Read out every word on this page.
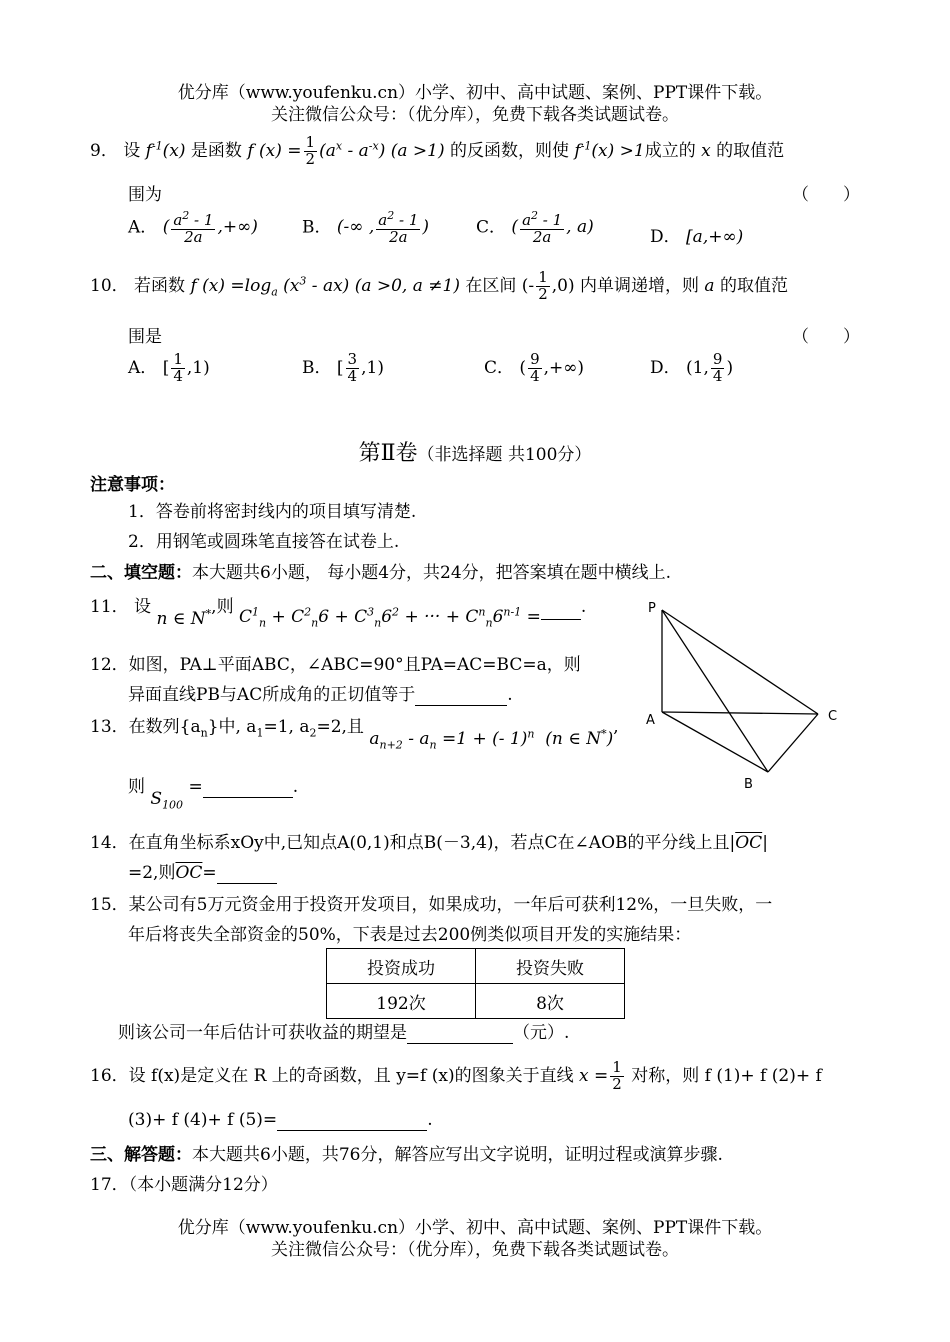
优分库（www.youfenku.cn）小学、初中、高中试题、案例、PPT课件下载。
关注微信公众号：（优分库），免费下载各类试题试卷。
9． 设 $f^{-1}(x)$ 是函数 f $(x) = \frac{1}{2} (a^x - a^{-x})$ (a >1) 的反函数，则使 $f^{-1}(x) >1$成立的 x 的取值范
围为	（　　）
A． ( $\frac{a^2 - 1}{2a}$ ,+∞)	B． (-∞ , $\frac{a^2 - 1}{2a}$ )	C． ( $\frac{a^2 - 1}{2a}$ , a)	D． [a,+∞)
10． 若函数 f $(x) =\log_a$ $(x^3 - ax)$ (a >0, a ≠1) 在区间 (- $\frac{1}{2} ,0$) 内单调递增，则 a 的取值范
围是	（　　）
A． [ $\frac{1}{4} ,1$)	B． [ $\frac{3}{4} ,1$)	C． ( $\frac{9}{4}$ ,+∞)	D． (1, $\frac{9}{4}$ )
第Ⅱ卷（非选择题 共100分）
注意事项：
1．答卷前将密封线内的项目填写清楚.
2．用钢笔或圆珠笔直接答在试卷上.
二、填空题：本大题共6小题， 每小题4分，共24分，把答案填在题中横线上.
11． 设 n ∈ N*,则 $C^1_n + C^2_n6 + C^3_n6^2$ + ··· + $C^n_n6^{n-1}$ = .
12．如图，PA⊥平面ABC，∠ABC=90°且PA=AC=BC=a，则
异面直线PB与AC所成角的正切值等于	.
13．在数列$\{a_n\}$中, $a_1=1$, $a_2=2$,且 $a_{n+2} - a_n =1$ + (- 1)$^n$  (n ∈ N*),
则 $S_{100}$ =	.
P
A	C
B
14．在直角坐标系xOy中,已知点A(0,1)和点B(－3,4)，若点C在∠AOB的平分线上且$|\overline{OC}|$
=2,则$\overline{OC}=$
15．某公司有5万元资金用于投资开发项目，如果成功，一年后可获利12%，一旦失败，一
年后将丧失全部资金的50%，下表是过去200例类似项目开发的实施结果：
投资成功	投资失败
192次	8次
则该公司一年后估计可获收益的期望是	（元）.
16．设 f(x)是定义在 R 上的奇函数，且 y=f (x)的图象关于直线 $x = \frac{1}{2}$ 对称，则 f (1)+ f (2)+ f
(3)+ f (4)+ f (5)=	.
三、解答题：本大题共6小题，共76分，解答应写出文字说明，证明过程或演算步骤.
17．（本小题满分12分）
优分库（www.youfenku.cn）小学、初中、高中试题、案例、PPT课件下载。
关注微信公众号：（优分库），免费下载各类试题试卷。
